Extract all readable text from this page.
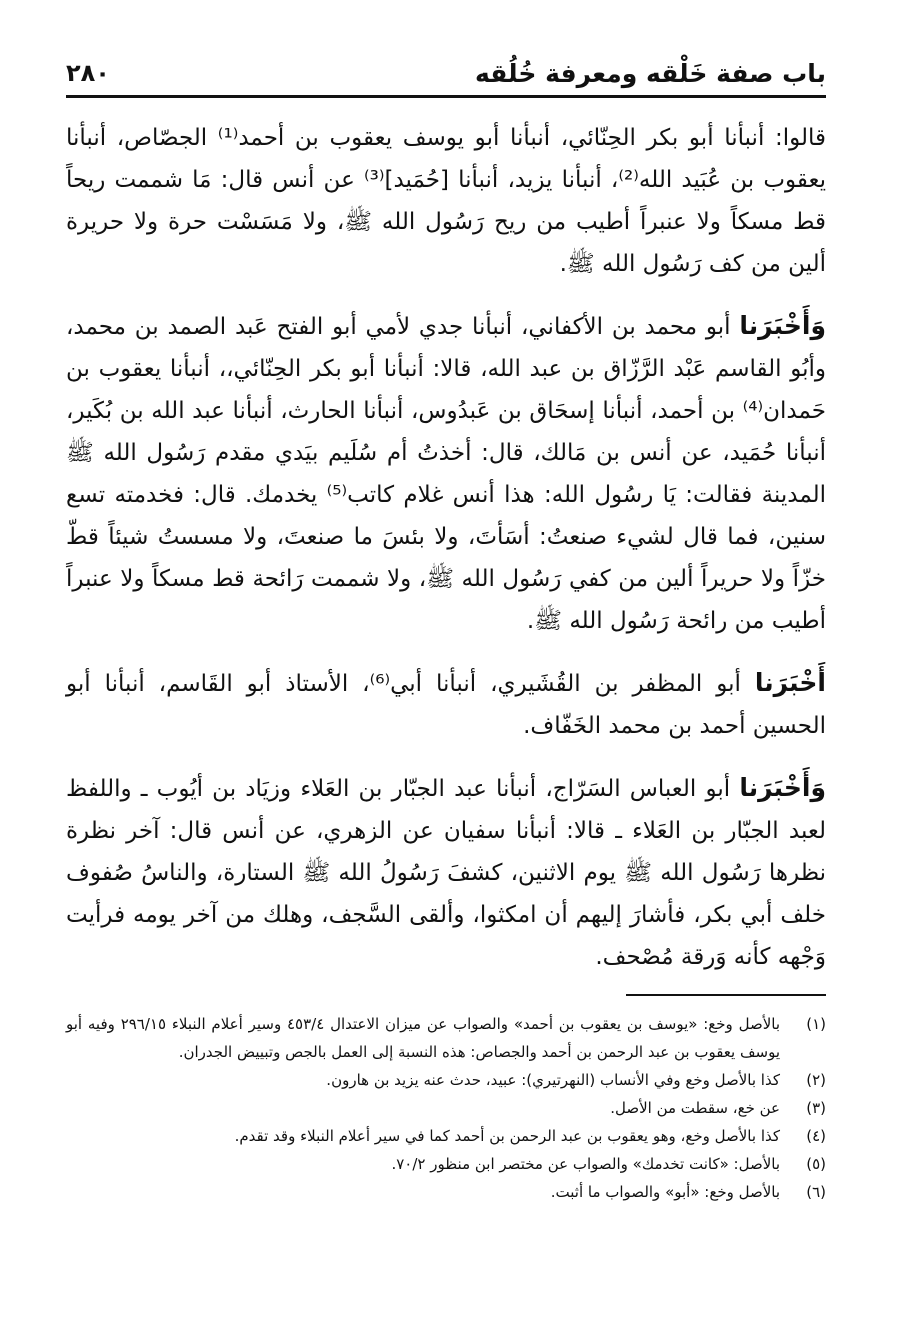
باب صفة خَلْقه ومعرفة خُلُقه
٢٨٠

قالوا: أنبأنا أبو بكر الحِنّائي، أنبأنا أبو يوسف يعقوب بن أحمد⁽¹⁾ الجصّاص، أنبأنا يعقوب بن عُبَيد الله⁽²⁾، أنبأنا يزيد، أنبأنا [حُمَيد]⁽³⁾ عن أنس قال: مَا شممت ريحاً قط مسكاً ولا عنبراً أطيب من ريح رَسُول الله ﷺ، ولا مَسَسْت حرة ولا حريرة ألين من كف رَسُول الله ﷺ.

وَأَخْبَرَنا أبو محمد بن الأكفاني، أنبأنا جدي لأمي أبو الفتح عَبد الصمد بن محمد، وأبُو القاسم عَبْد الرَّزّاق بن عبد الله، قالا: أنبأنا أبو بكر الحِنّائي،، أنبأنا يعقوب بن حَمدان⁽⁴⁾ بن أحمد، أنبأنا إسحَاق بن عَبدُوس، أنبأنا الحارث، أنبأنا عبد الله بن بُكَير، أنبأنا حُمَيد، عن أنس بن مَالك، قال: أخذتُ أم سُلَيم بيَدي مقدم رَسُول الله ﷺ المدينة فقالت: يَا رسُول الله: هذا أنس غلام كاتب⁽⁵⁾ يخدمك. قال: فخدمته تسع سنين، فما قال لشيء صنعتُ: أسَأتَ، ولا بئسَ ما صنعتَ، ولا مسستُ شيئاً قطّ خزّاً ولا حريراً ألين من كفي رَسُول الله ﷺ، ولا شممت رَائحة قط مسكاً ولا عنبراً أطيب من رائحة رَسُول الله ﷺ.

أَخْبَرَنا أبو المظفر بن القُشَيري، أنبأنا أبي⁽⁶⁾، الأستاذ أبو القَاسم، أنبأنا أبو الحسين أحمد بن محمد الخَفّاف.

وَأَخْبَرَنا أبو العباس السَرّاج، أنبأنا عبد الجبّار بن العَلاء وزيَاد بن أيُوب ـ واللفظ لعبد الجبّار بن العَلاء ـ قالا: أنبأنا سفيان عن الزهري، عن أنس قال: آخر نظرة نظرها رَسُول الله ﷺ يوم الاثنين، كشفَ رَسُولُ الله ﷺ الستارة، والناسُ صُفوف خلف أبي بكر، فأشارَ إليهم أن امكثوا، وألقى السَّجف، وهلك من آخر يومه فرأيت وَجْهه كأنه وَرقة مُصْحف.

(١)
بالأصل وخع: «يوسف بن يعقوب بن أحمد» والصواب عن ميزان الاعتدال ٤٥٣/٤ وسير أعلام النبلاء ٢٩٦/١٥ وفيه أبو يوسف يعقوب بن عبد الرحمن بن أحمد والجصاص: هذه النسبة إلى العمل بالجص وتبييض الجدران.
(٢)
كذا بالأصل وخع وفي الأنساب (النهرتيري): عبيد، حدث عنه يزيد بن هارون.
(٣)
عن خع، سقطت من الأصل.
(٤)
كذا بالأصل وخع، وهو يعقوب بن عبد الرحمن بن أحمد كما في سير أعلام النبلاء وقد تقدم.
(٥)
بالأصل: «كانت تخدمك» والصواب عن مختصر ابن منظور ٧٠/٢.
(٦)
بالأصل وخع: «أبو» والصواب ما أثبت.
